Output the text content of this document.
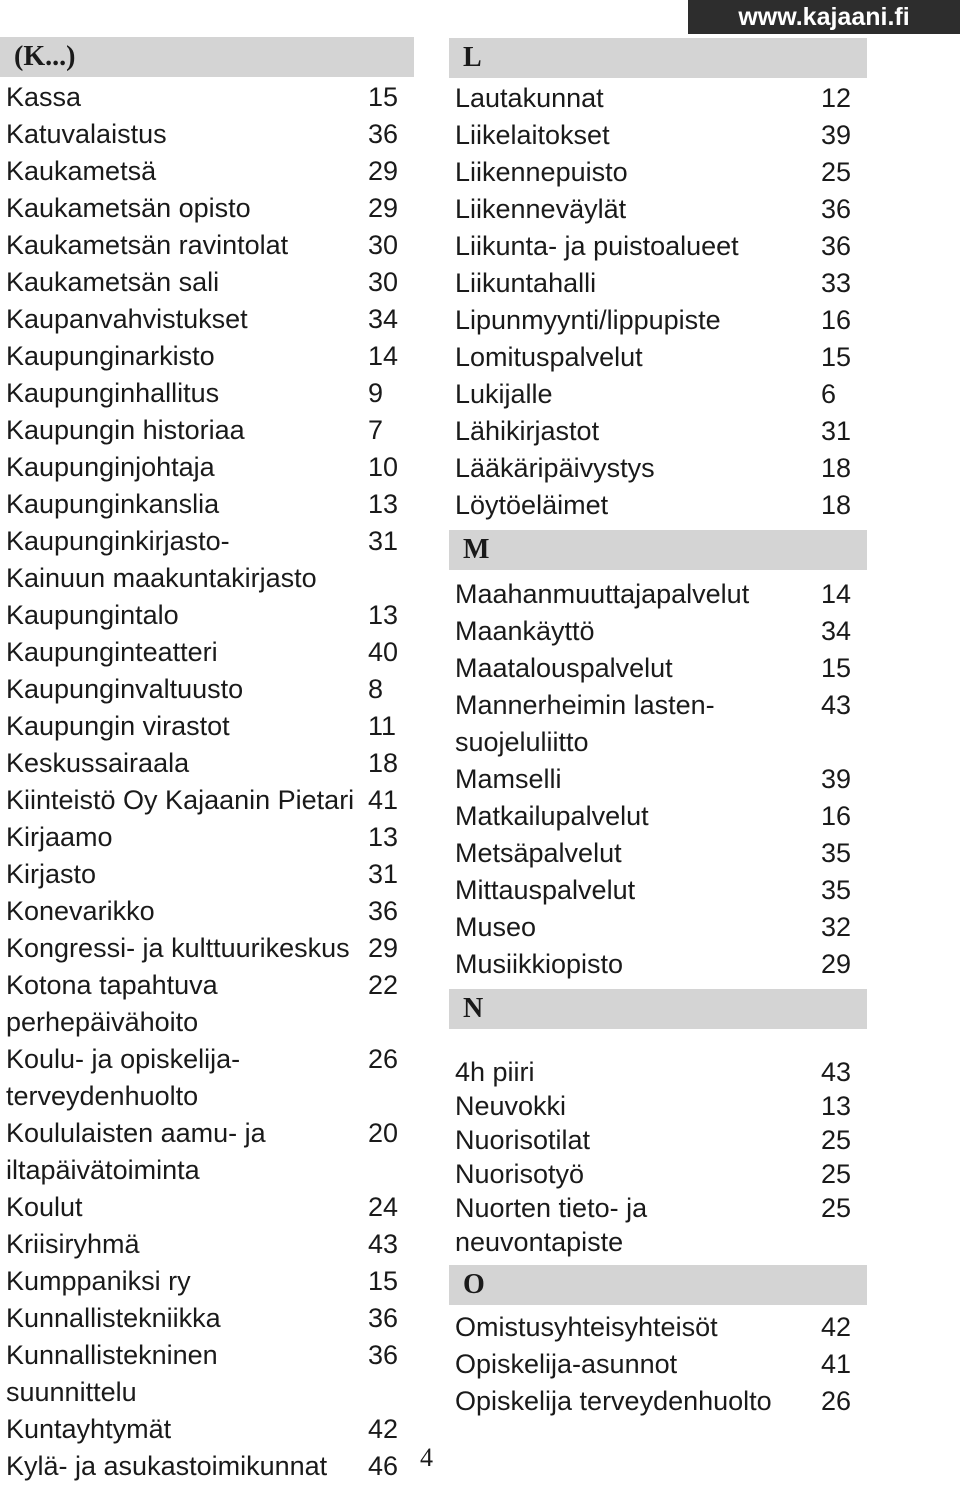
www.kajaani.fi
(K...)
Kassa	15
Katuvalaistus	36
Kaukametsä	29
Kaukametsän opisto	29
Kaukametsän ravintolat	30
Kaukametsän sali	30
Kaupanvahvistukset	34
Kaupunginarkisto	14
Kaupunginhallitus	9
Kaupungin historiaa	7
Kaupunginjohtaja	10
Kaupunginkanslia	13
Kaupunginkirjasto-	31
Kainuun maakuntakirjasto
Kaupungintalo	13
Kaupunginteatteri	40
Kaupunginvaltuusto	8
Kaupungin virastot	11
Keskussairaala	18
Kiinteistö Oy Kajaanin Pietari 41
Kirjaamo	13
Kirjasto	31
Konevarikko	36
Kongressi- ja kulttuurikeskus 29
Kotona tapahtuva	22
perhepäivähoito
Koulu- ja opiskelija-	26
terveydenhuolto
Koululaisten aamu- ja	20
iltapäivätoiminta
Koulut	24
Kriisiryhmä	43
Kumppaniksi ry	15
Kunnallistekniikka	36
Kunnallistekninen	36
suunnittelu
Kuntayhtymät	42
Kylä- ja asukastoimikunnat	46
L
Lautakunnat	12
Liikelaitokset	39
Liikennepuisto	25
Liikenneväylät	36
Liikunta- ja puistoalueet	36
Liikuntahalli	33
Lipunmyynti/lippupiste	16
Lomituspalvelut	15
Lukijalle	6
Lähikirjastot	31
Lääkäripäivystys	18
Löytöeläimet	18
M
Maahanmuuttajapalvelut	14
Maankäyttö	34
Maatalouspalvelut	15
Mannerheimin lasten-	43
suojeluliitto
Mamselli	39
Matkailupalvelut	16
Metsäpalvelut	35
Mittauspalvelut	35
Museo	32
Musiikkiopisto	29
N
4h piiri	43
Neuvokki	13
Nuorisotilat	25
Nuorisotyö	25
Nuorten tieto- ja	25
neuvontapiste
O
Omistusyhteisyhteisöt	42
Opiskelija-asunnot	41
Opiskelija terveydenhuolto	26
4
